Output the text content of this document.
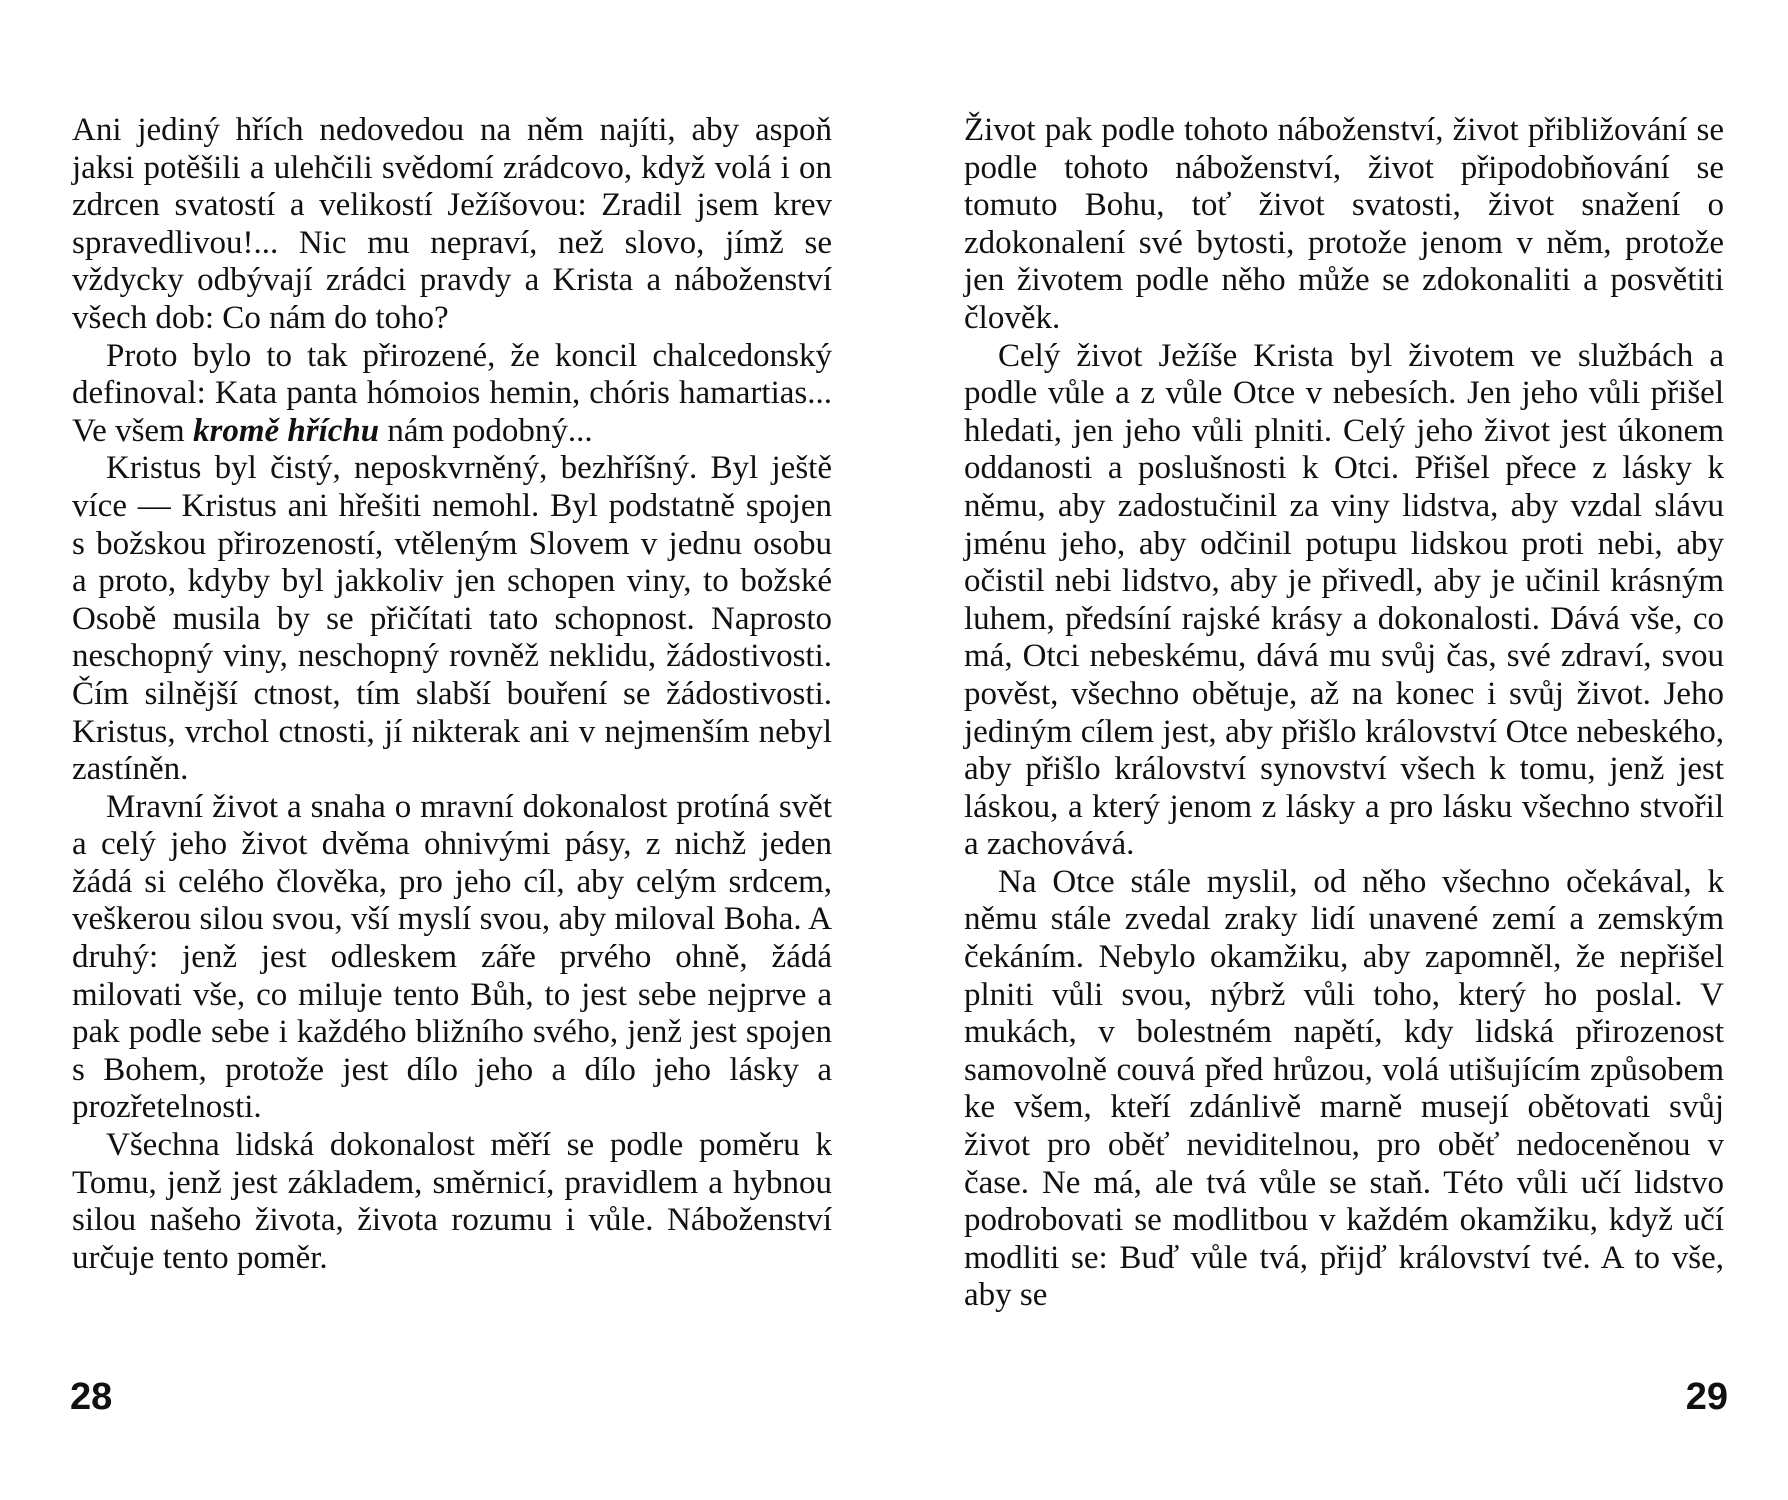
Ani jediný hřích nedovedou na něm najíti, aby aspoň jaksi potěšili a ulehčili svědomí zrádcovo, když volá i on zdrcen svatostí a velikostí Ježíšovou: Zradil jsem krev spravedlivou!... Nic mu nepraví, než slovo, jímž se vždycky odbývají zrádci pravdy a Krista a náboženství všech dob: Co nám do toho?

Proto bylo to tak přirozené, že koncil chalcedonský definoval: Kata panta hómoios hemin, chóris hamartias... Ve všem kromě hříchu nám podobný...

Kristus byl čistý, neposkvrněný, bezhříšný. Byl ještě více — Kristus ani hřešiti nemohl. Byl podstatně spojen s božskou přirozeností, vtěleným Slovem v jednu osobu a proto, kdyby byl jakkoliv jen schopen viny, to božské Osobě musila by se přičítati tato schopnost. Naprosto neschopný viny, neschopný rovněž neklidu, žádostivosti. Čím silnější ctnost, tím slabší bouření se žádostivosti. Kristus, vrchol ctnosti, jí nikterak ani v nejmenším nebyl zastíněn.

Mravní život a snaha o mravní dokonalost protíná svět a celý jeho život dvěma ohnivými pásy, z nichž jeden žádá si celého člověka, pro jeho cíl, aby celým srdcem, veškerou silou svou, vší myslí svou, aby miloval Boha. A druhý: jenž jest odleskem záře prvého ohně, žádá milovati vše, co miluje tento Bůh, to jest sebe nejprve a pak podle sebe i každého bližního svého, jenž jest spojen s Bohem, protože jest dílo jeho a dílo jeho lásky a prozřetelnosti.

Všechna lidská dokonalost měří se podle poměru k Tomu, jenž jest základem, směrnicí, pravidlem a hybnou silou našeho života, života rozumu i vůle. Náboženství určuje tento poměr.

28

Život pak podle tohoto náboženství, život přibližování se podle tohoto náboženství, život připodobňování se tomuto Bohu, toť život svatosti, život snažení o zdokonalení své bytosti, protože jenom v něm, protože jen životem podle něho může se zdokonaliti a posvětiti člověk.

Celý život Ježíše Krista byl životem ve službách a podle vůle a z vůle Otce v nebesích. Jen jeho vůli přišel hledati, jen jeho vůli plniti. Celý jeho život jest úkonem oddanosti a poslušnosti k Otci. Přišel přece z lásky k němu, aby zadostučinil za viny lidstva, aby vzdal slávu jménu jeho, aby odčinil potupu lidskou proti nebi, aby očistil nebi lidstvo, aby je přivedl, aby je učinil krásným luhem, předsíní rajské krásy a dokonalosti. Dává vše, co má, Otci nebeskému, dává mu svůj čas, své zdraví, svou pověst, všechno obětuje, až na konec i svůj život. Jeho jediným cílem jest, aby přišlo království Otce nebeského, aby přišlo království synovství všech k tomu, jenž jest láskou, a který jenom z lásky a pro lásku všechno stvořil a zachovává.

Na Otce stále myslil, od něho všechno očekával, k němu stále zvedal zraky lidí unavené zemí a zemským čekáním. Nebylo okamžiku, aby zapomněl, že nepřišel plniti vůli svou, nýbrž vůli toho, který ho poslal. V mukách, v bolestném napětí, kdy lidská přirozenost samovolně couvá před hrůzou, volá utišujícím způsobem ke všem, kteří zdánlivě marně musejí obětovati svůj život pro oběť neviditelnou, pro oběť nedoceněnou v čase. Ne má, ale tvá vůle se staň. Této vůli učí lidstvo podrobovati se modlitbou v každém okamžiku, když učí modliti se: Buď vůle tvá, přijď království tvé. A to vše, aby se

29
